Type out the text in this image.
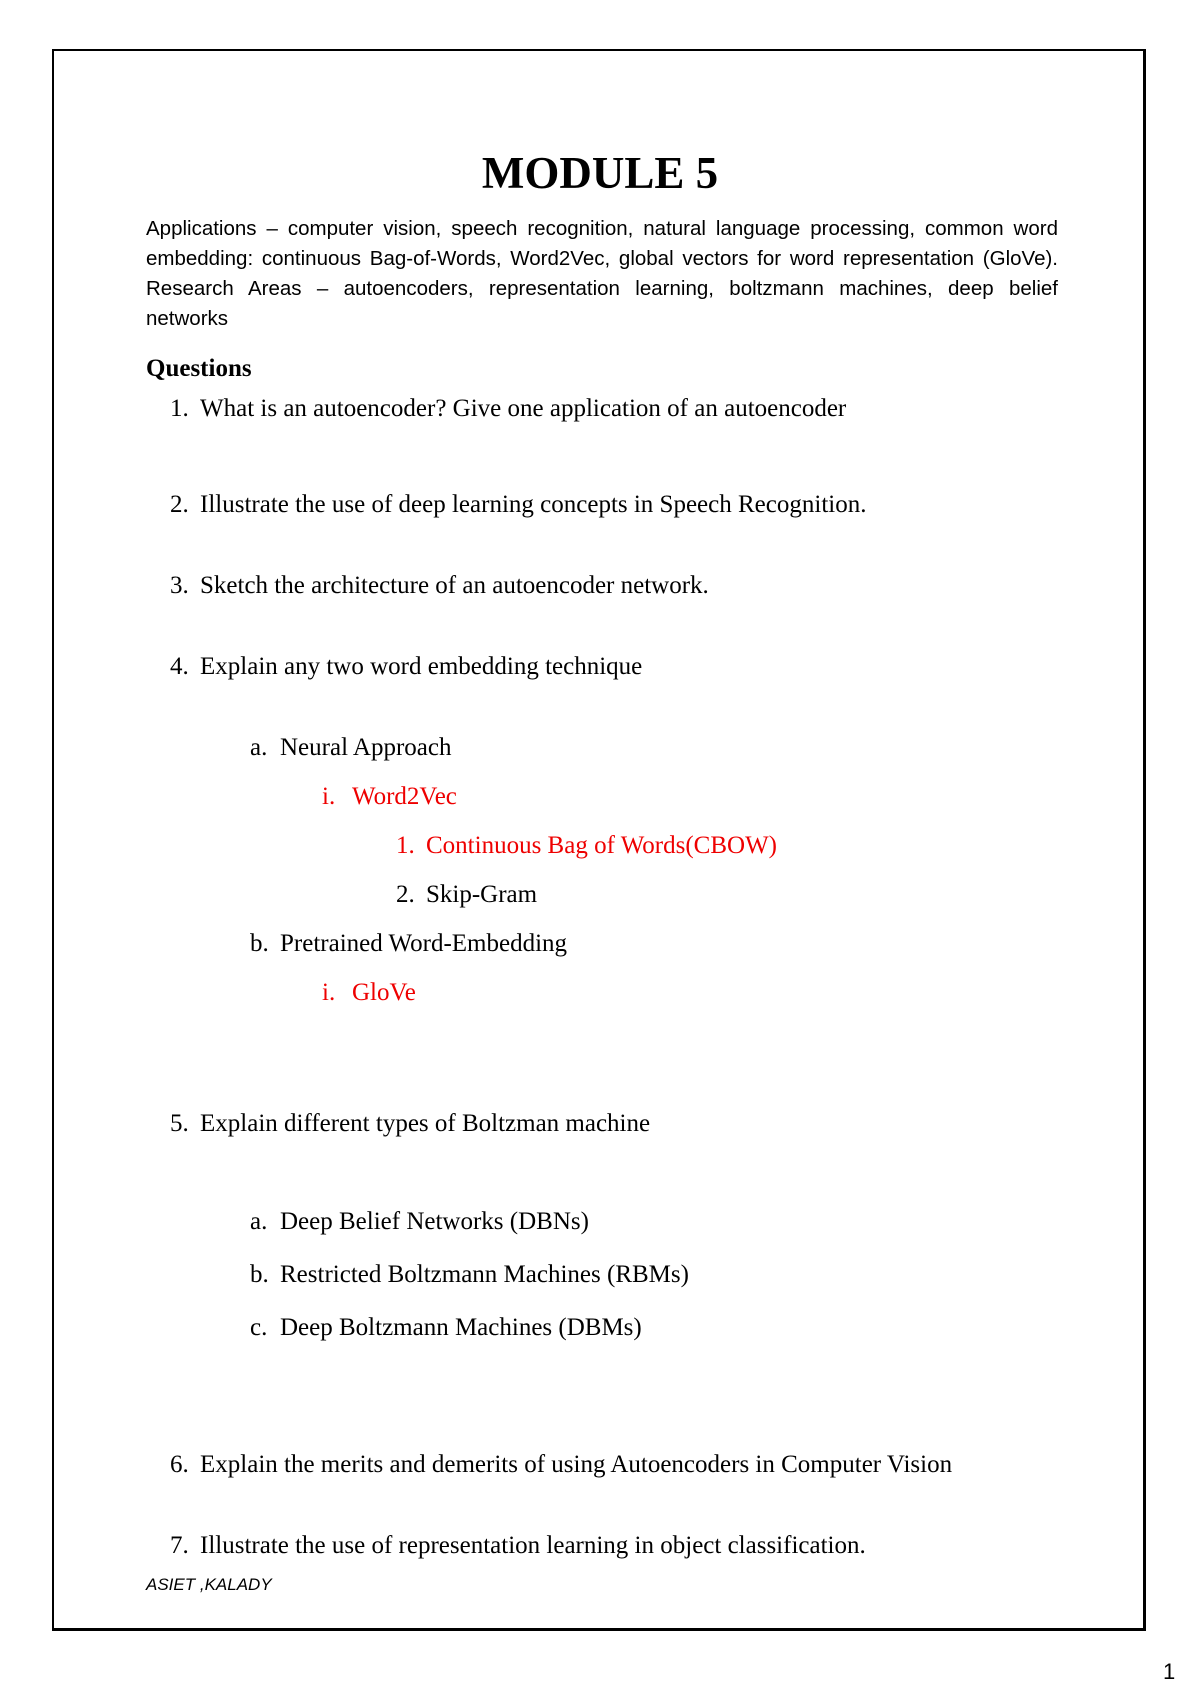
MODULE 5

Applications – computer vision, speech recognition, natural language processing, common word embedding: continuous Bag-of-Words, Word2Vec, global vectors for word representation (GloVe). Research Areas – autoencoders, representation learning, boltzmann machines, deep belief networks

Questions
1. What is an autoencoder? Give one application of an autoencoder
2. Illustrate the use of deep learning concepts in Speech Recognition.
3. Sketch the architecture of an autoencoder network.
4. Explain any two word embedding technique
a. Neural Approach
i. Word2Vec
1. Continuous Bag of Words(CBOW)
2. Skip-Gram
b. Pretrained Word-Embedding
i. GloVe
5. Explain different types of Boltzman machine
a. Deep Belief Networks (DBNs)
b. Restricted Boltzmann Machines (RBMs)
c. Deep Boltzmann Machines (DBMs)
6. Explain the merits and demerits of using Autoencoders in Computer Vision
7. Illustrate the use of representation learning in object classification.
ASIET ,KALADY
1
